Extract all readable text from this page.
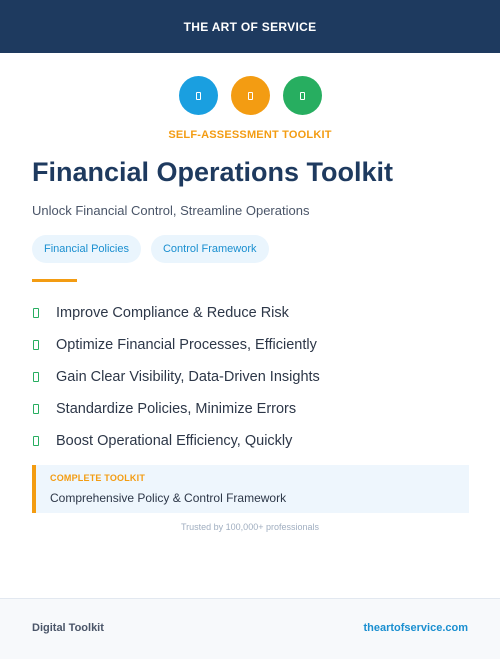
THE ART OF SERVICE
SELF-ASSESSMENT TOOLKIT
Financial Operations Toolkit
Unlock Financial Control, Streamline Operations
Financial Policies	Control Framework
Improve Compliance & Reduce Risk
Optimize Financial Processes, Efficiently
Gain Clear Visibility, Data-Driven Insights
Standardize Policies, Minimize Errors
Boost Operational Efficiency, Quickly
COMPLETE TOOLKIT
Comprehensive Policy & Control Framework
Trusted by 100,000+ professionals
Digital Toolkit	theartofservice.com
